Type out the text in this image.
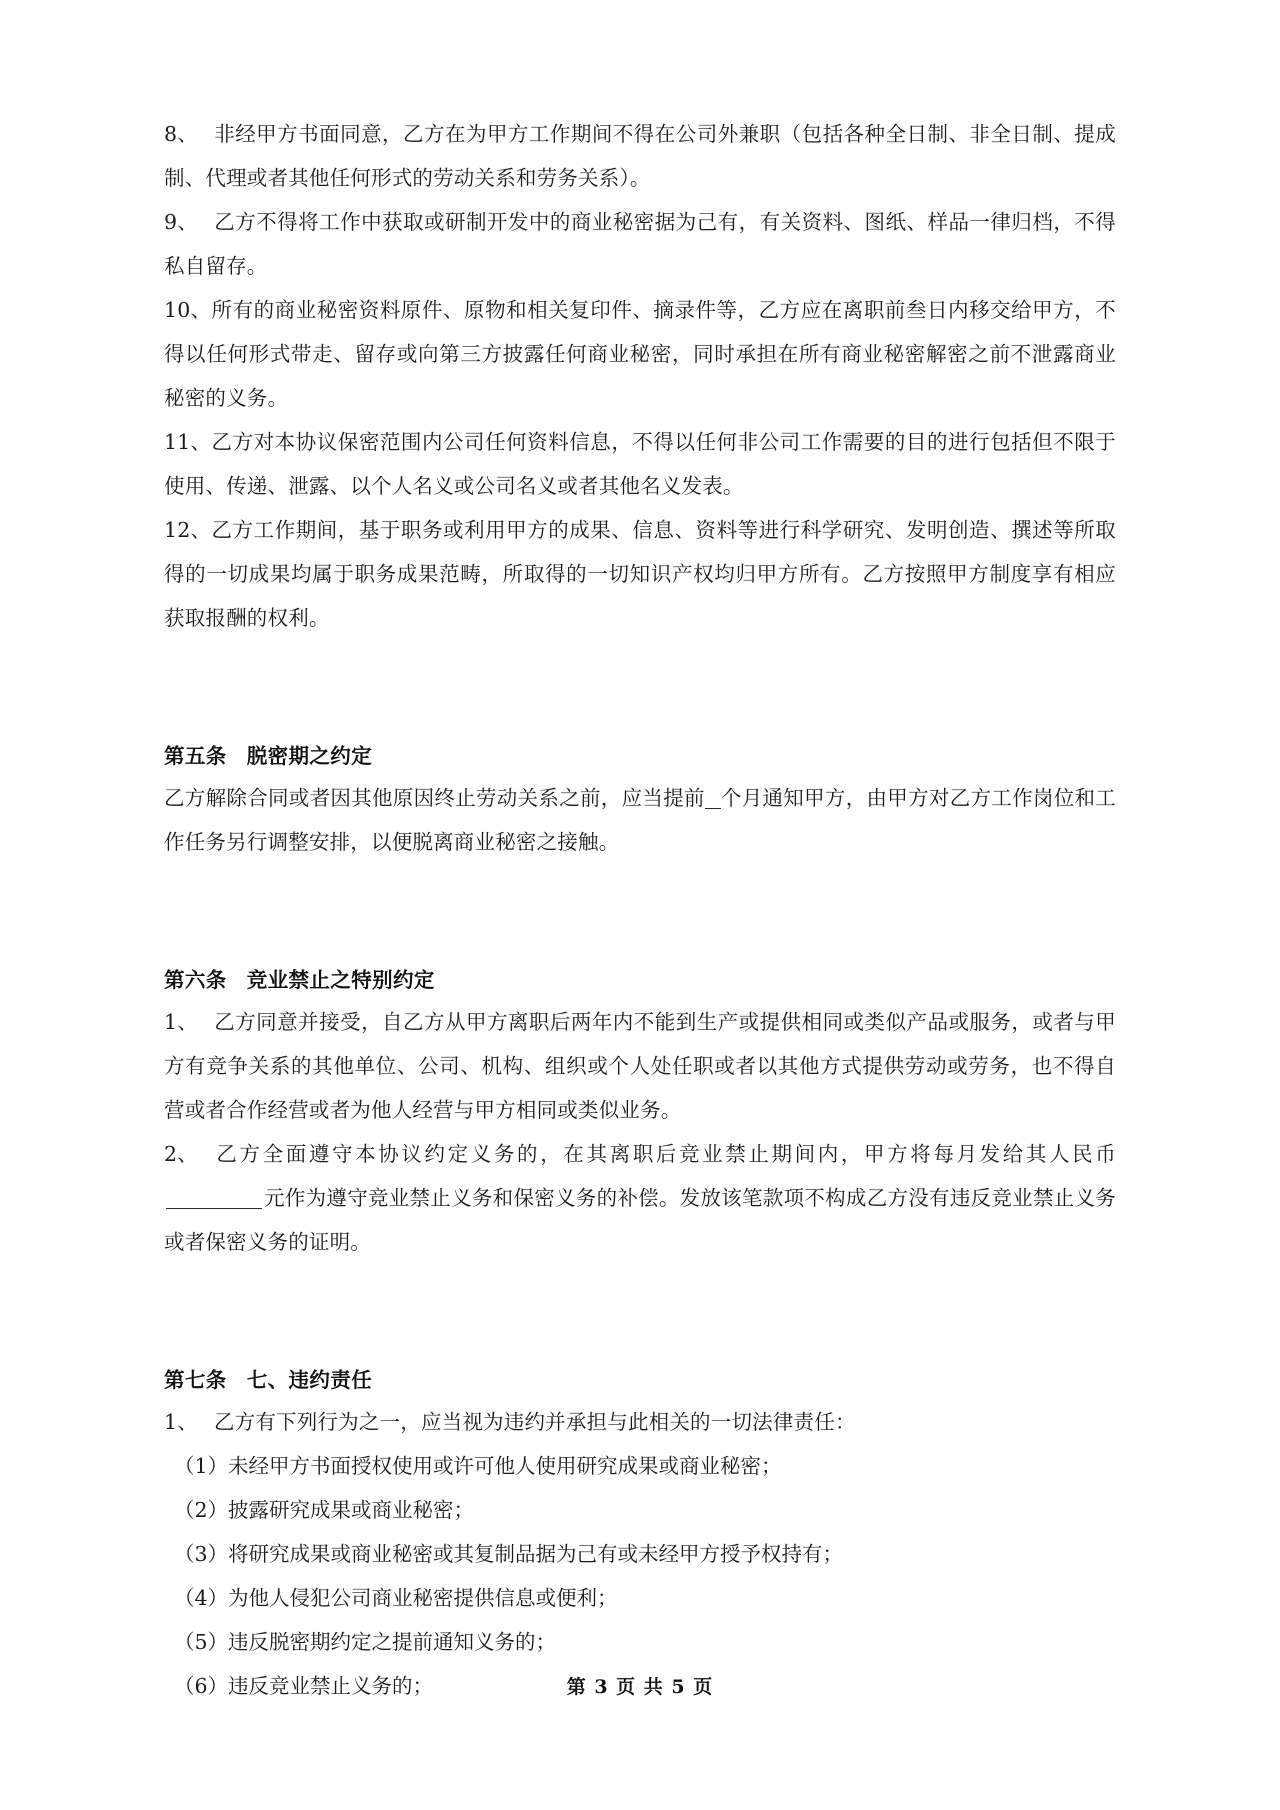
8、 非经甲方书面同意，乙方在为甲方工作期间不得在公司外兼职（包括各种全日制、非全日制、提成制、代理或者其他任何形式的劳动关系和劳务关系）。

9、 乙方不得将工作中获取或研制开发中的商业秘密据为己有，有关资料、图纸、样品一律归档，不得私自留存。

10、所有的商业秘密资料原件、原物和相关复印件、摘录件等，乙方应在离职前叁日内移交给甲方，不得以任何形式带走、留存或向第三方披露任何商业秘密，同时承担在所有商业秘密解密之前不泄露商业秘密的义务。

11、乙方对本协议保密范围内公司任何资料信息，不得以任何非公司工作需要的目的进行包括但不限于使用、传递、泄露、以个人名义或公司名义或者其他名义发表。

12、乙方工作期间，基于职务或利用甲方的成果、信息、资料等进行科学研究、发明创造、撰述等所取得的一切成果均属于职务成果范畴，所取得的一切知识产权均归甲方所有。乙方按照甲方制度享有相应获取报酬的权利。

第五条 脱密期之约定

乙方解除合同或者因其他原因终止劳动关系之前，应当提前 个月通知甲方，由甲方对乙方工作岗位和工作任务另行调整安排，以便脱离商业秘密之接触。

第六条 竞业禁止之特别约定

1、 乙方同意并接受，自乙方从甲方离职后两年内不能到生产或提供相同或类似产品或服务，或者与甲方有竞争关系的其他单位、公司、机构、组织或个人处任职或者以其他方式提供劳动或劳务，也不得自营或者合作经营或者为他人经营与甲方相同或类似业务。

2、 乙方全面遵守本协议约定义务的，在其离职后竞业禁止期间内，甲方将每月发给其人民币元作为遵守竞业禁止义务和保密义务的补偿。发放该笔款项不构成乙方没有违反竞业禁止义务或者保密义务的证明。

第七条 七、违约责任

1、 乙方有下列行为之一，应当视为违约并承担与此相关的一切法律责任：

（1）未经甲方书面授权使用或许可他人使用研究成果或商业秘密；

（2）披露研究成果或商业秘密；

（3）将研究成果或商业秘密或其复制品据为己有或未经甲方授予权持有；

（4）为他人侵犯公司商业秘密提供信息或便利；

（5）违反脱密期约定之提前通知义务的；

（6）违反竞业禁止义务的；	第 3 页 共 5 页
